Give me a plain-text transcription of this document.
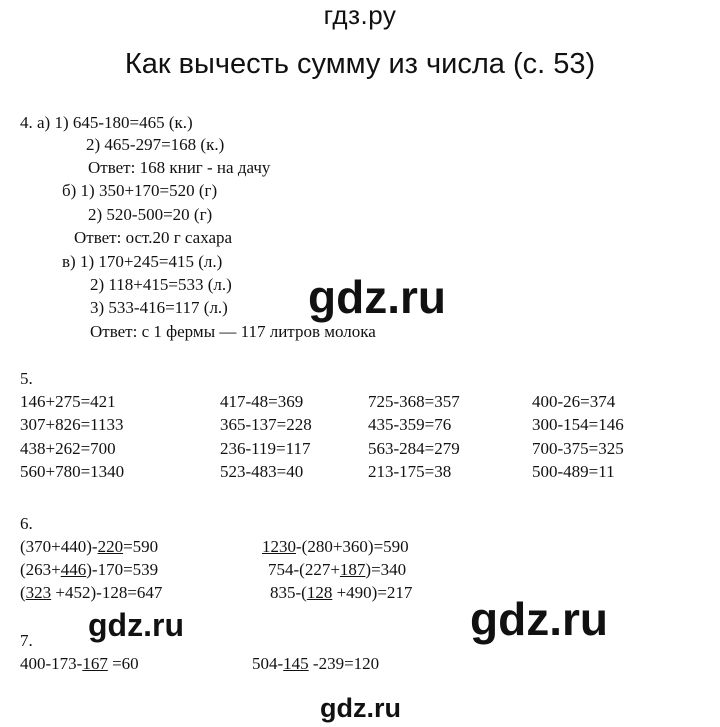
гдз.ру
Как вычесть сумму из числа (с. 53)
4. а) 1) 645-180=465 (к.)
2) 465-297=168 (к.)
Ответ: 168 книг - на дачу
б) 1) 350+170=520 (г)
2) 520-500=20 (г)
Ответ: ост.20 г сахара
в) 1) 170+245=415 (л.)
2) 118+415=533 (л.)
3) 533-416=117 (л.)
Ответ: с 1 фермы — 117 литров молока
5.
146+275=421	417-48=369	725-368=357	400-26=374
307+826=1133	365-137=228	435-359=76	300-154=146
438+262=700	236-119=117	563-284=279	700-375=325
560+780=1340	523-483=40	213-175=38	500-489=11
6.
(370+440)-220=590	1230-(280+360)=590
(263+446)-170=539	754-(227+187)=340
(323 +452)-128=647	835-(128 +490)=217
7.
400-173-167 =60	504-145 -239=120
gdz.ru
gdz.ru
gdz.ru
gdz.ru
